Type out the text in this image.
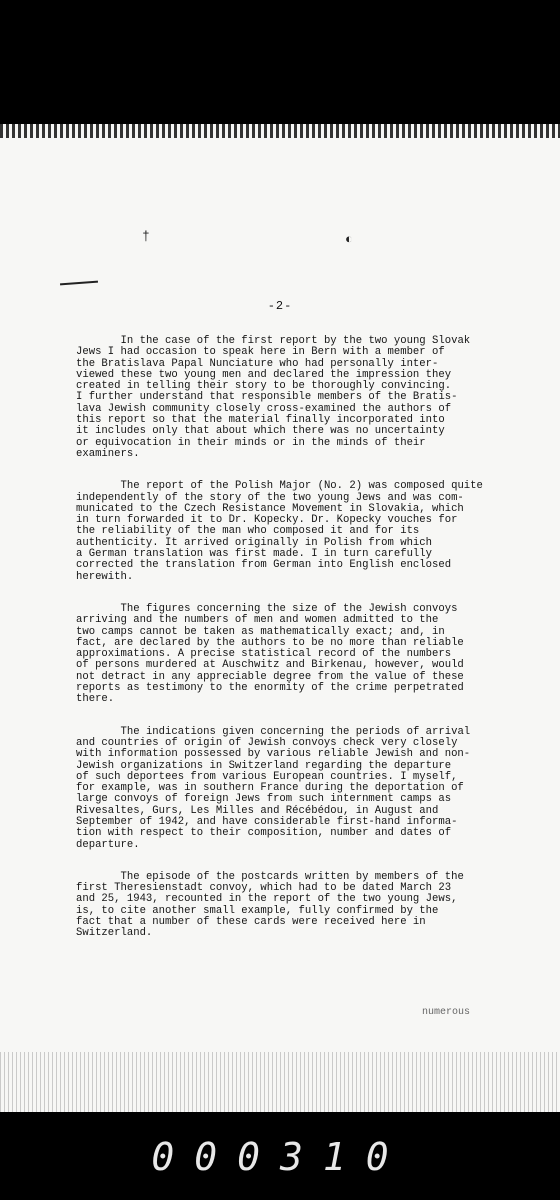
†	◐
-2-

In the case of the first report by the two young Slovak
Jews I had occasion to speak here in Bern with a member of
the Bratislava Papal Nunciature who had personally inter-
viewed these two young men and declared the impression they
created in telling their story to be thoroughly convincing.
I further understand that responsible members of the Bratis-
lava Jewish community closely cross-examined the authors of
this report so that the material finally incorporated into
it includes only that about which there was no uncertainty
or equivocation in their minds or in the minds of their
examiners.

The report of the Polish Major (No. 2) was composed quite
independently of the story of the two young Jews and was com-
municated to the Czech Resistance Movement in Slovakia, which
in turn forwarded it to Dr. Kopecky. Dr. Kopecky vouches for
the reliability of the man who composed it and for its
authenticity. It arrived originally in Polish from which
a German translation was first made. I in turn carefully
corrected the translation from German into English enclosed
herewith.

The figures concerning the size of the Jewish convoys
arriving and the numbers of men and women admitted to the
two camps cannot be taken as mathematically exact; and, in
fact, are declared by the authors to be no more than reliable
approximations. A precise statistical record of the numbers
of persons murdered at Auschwitz and Birkenau, however, would
not detract in any appreciable degree from the value of these
reports as testimony to the enormity of the crime perpetrated
there.

The indications given concerning the periods of arrival
and countries of origin of Jewish convoys check very closely
with information possessed by various reliable Jewish and non-
Jewish organizations in Switzerland regarding the departure
of such deportees from various European countries. I myself,
for example, was in southern France during the deportation of
large convoys of foreign Jews from such internment camps as
Rivesaltes, Gurs, Les Milles and Récébédou, in August and
September of 1942, and have considerable first-hand informa-
tion with respect to their composition, number and dates of
departure.

The episode of the postcards written by members of the
first Theresienstadt convoy, which had to be dated March 23
and 25, 1943, recounted in the report of the two young Jews,
is, to cite another small example, fully confirmed by the
fact that a number of these cards were received here in
Switzerland.

numerous
000310
